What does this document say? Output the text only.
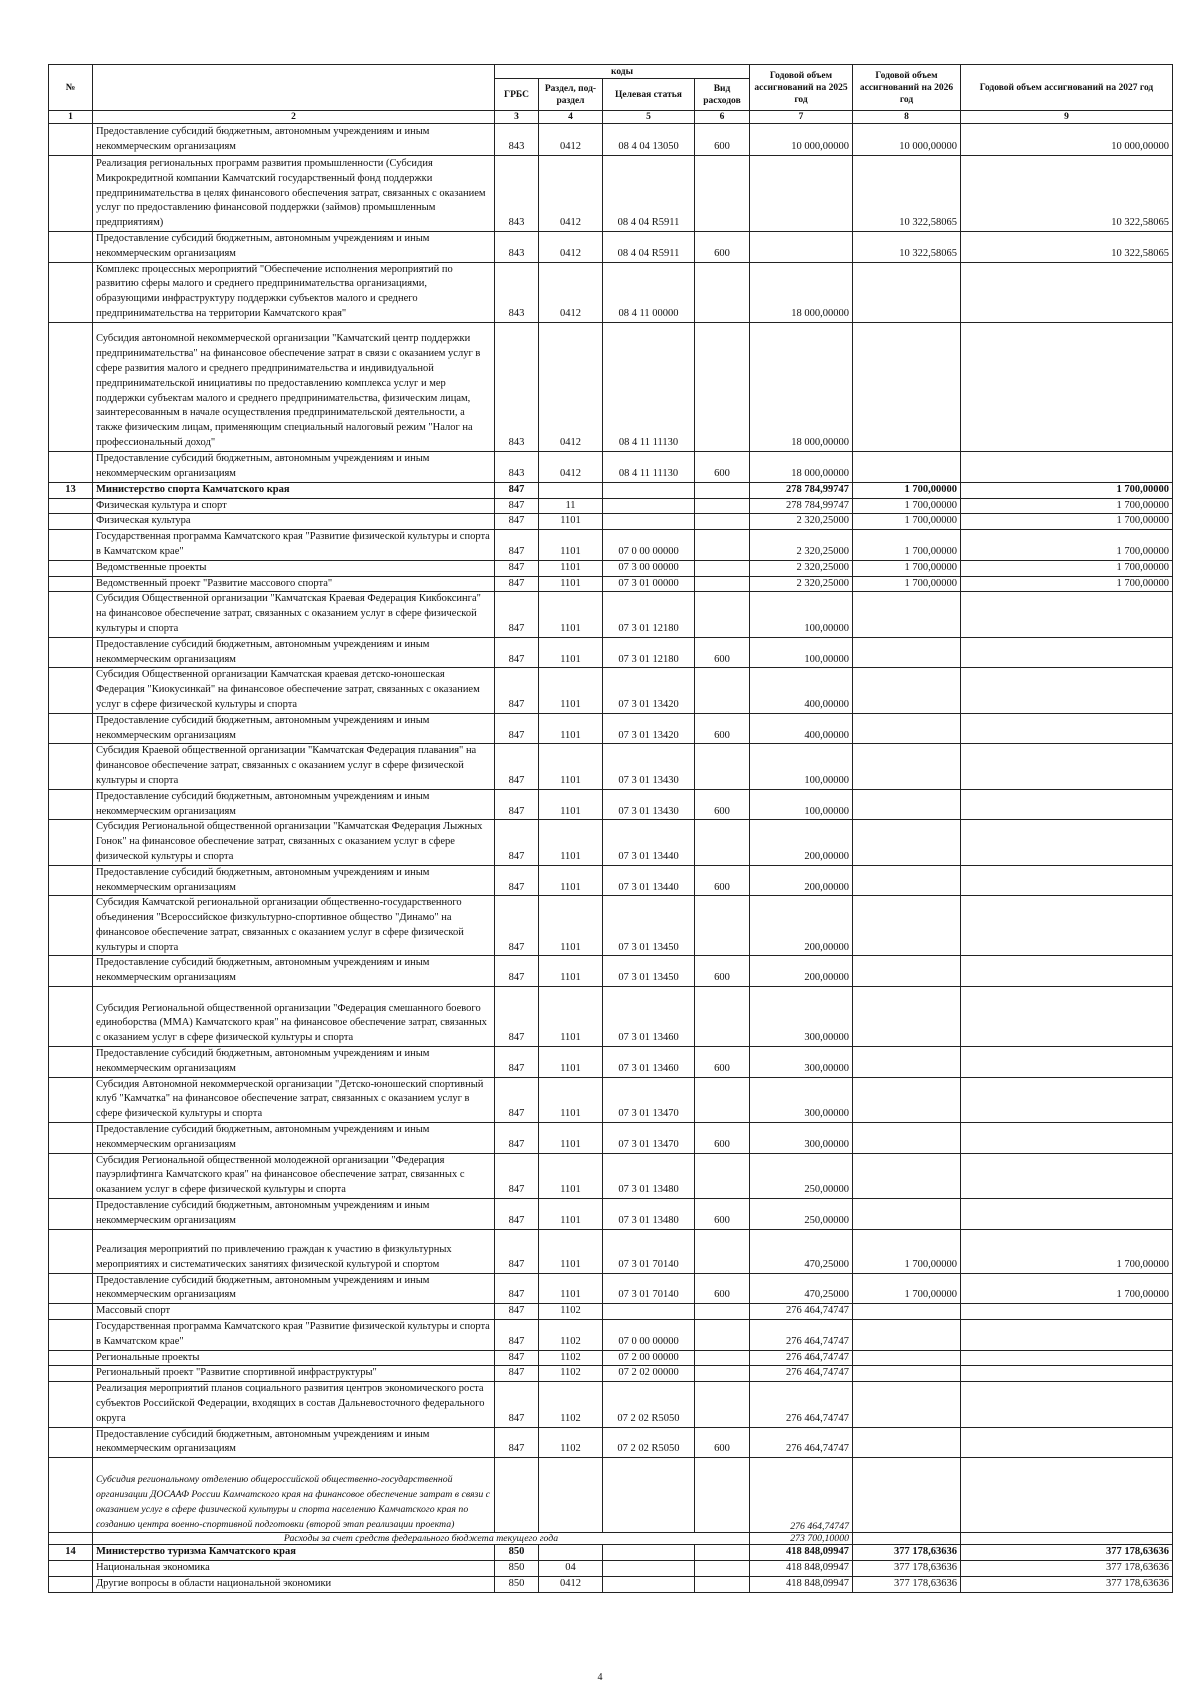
№		коды				Годовой объем ассигнований на 2025 год	Годовой объем ассигнований на 2026 год	Годовой объем ассигнований на 2027 год
		ГРБС	Раздел, под-раздел	Целевая статья	Вид расходов			
1	2	3	4	5	6	7	8	9
	Предоставление субсидий бюджетным, автономным учреждениям и иным некоммерческим организациям	843	0412	08 4 04 13050	600	10 000,00000	10 000,00000	10 000,00000
	Реализация региональных программ развития промышленности (Субсидия Микрокредитной компании Камчатский государственный фонд поддержки предпринимательства в целях финансового обеспечения затрат, связанных с оказанием услуг по предоставлению финансовой поддержки (займов) промышленным предприятиям)	843	0412	08 4 04 R5911			10 322,58065	10 322,58065
	Предоставление субсидий бюджетным, автономным учреждениям и иным некоммерческим организациям	843	0412	08 4 04 R5911	600		10 322,58065	10 322,58065
	Комплекс процессных мероприятий "Обеспечение исполнения мероприятий по развитию сферы малого и среднего предпринимательства организациями, образующими инфраструктуру поддержки субъектов малого и среднего предпринимательства на территории Камчатского края"	843	0412	08 4 11 00000		18 000,00000		
	Субсидия автономной некоммерческой организации "Камчатский центр поддержки предпринимательства" на финансовое обеспечение затрат в связи с оказанием услуг в сфере развития малого и среднего предпринимательства и индивидуальной предпринимательской инициативы по предоставлению комплекса услуг и мер поддержки субъектам малого и среднего предпринимательства, физическим лицам, заинтересованным в начале осуществления предпринимательской деятельности, а также физическим лицам, применяющим специальный налоговый режим "Налог на профессиональный доход"	843	0412	08 4 11 11130		18 000,00000		
	Предоставление субсидий бюджетным, автономным учреждениям и иным некоммерческим организациям	843	0412	08 4 11 11130	600	18 000,00000		
13	Министерство спорта Камчатского края	847				278 784,99747	1 700,00000	1 700,00000
	Физическая культура и спорт	847	11			278 784,99747	1 700,00000	1 700,00000
	Физическая культура	847	1101			2 320,25000	1 700,00000	1 700,00000
	Государственная программа Камчатского края "Развитие физической культуры и спорта в Камчатском крае"	847	1101	07 0 00 00000		2 320,25000	1 700,00000	1 700,00000
	Ведомственные проекты	847	1101	07 3 00 00000		2 320,25000	1 700,00000	1 700,00000
	Ведомственный проект "Развитие массового спорта"	847	1101	07 3 01 00000		2 320,25000	1 700,00000	1 700,00000
	Субсидия Общественной организации "Камчатская Краевая Федерация Кикбоксинга" на финансовое обеспечение затрат, связанных с оказанием услуг в сфере физической культуры и спорта	847	1101	07 3 01 12180		100,00000		
	Предоставление субсидий бюджетным, автономным учреждениям и иным некоммерческим организациям	847	1101	07 3 01 12180	600	100,00000		
	Субсидия Общественной организации Камчатская краевая детско-юношеская Федерация "Киокусинкай" на финансовое обеспечение затрат, связанных с оказанием услуг в сфере физической культуры и спорта	847	1101	07 3 01 13420		400,00000		
	Предоставление субсидий бюджетным, автономным учреждениям и иным некоммерческим организациям	847	1101	07 3 01 13420	600	400,00000		
	Субсидия Краевой общественной организации "Камчатская Федерация плавания" на финансовое обеспечение затрат, связанных с оказанием услуг в сфере физической культуры и спорта	847	1101	07 3 01 13430		100,00000		
	Предоставление субсидий бюджетным, автономным учреждениям и иным некоммерческим организациям	847	1101	07 3 01 13430	600	100,00000		
	Субсидия Региональной общественной организации "Камчатская Федерация Лыжных Гонок" на финансовое обеспечение затрат, связанных с оказанием услуг в сфере физической культуры и спорта	847	1101	07 3 01 13440		200,00000		
	Предоставление субсидий бюджетным, автономным учреждениям и иным некоммерческим организациям	847	1101	07 3 01 13440	600	200,00000		
	Субсидия Камчатской региональной организации общественно-государственного объединения "Всероссийское физкультурно-спортивное общество "Динамо" на финансовое обеспечение затрат, связанных с оказанием услуг в сфере физической культуры и спорта	847	1101	07 3 01 13450		200,00000		
	Предоставление субсидий бюджетным, автономным учреждениям и иным некоммерческим организациям	847	1101	07 3 01 13450	600	200,00000		
	Субсидия Региональной общественной организации "Федерация смешанного боевого единоборства (ММА) Камчатского края" на финансовое обеспечение затрат, связанных с оказанием услуг в сфере физической культуры и спорта	847	1101	07 3 01 13460		300,00000		
	Предоставление субсидий бюджетным, автономным учреждениям и иным некоммерческим организациям	847	1101	07 3 01 13460	600	300,00000		
	Субсидия Автономной некоммерческой организации "Детско-юношеский спортивный клуб "Камчатка" на финансовое обеспечение затрат, связанных с оказанием услуг в сфере физической культуры и спорта	847	1101	07 3 01 13470		300,00000		
	Предоставление субсидий бюджетным, автономным учреждениям и иным некоммерческим организациям	847	1101	07 3 01 13470	600	300,00000		
	Субсидия Региональной общественной молодежной организации "Федерация пауэрлифтинга Камчатского края" на финансовое обеспечение затрат, связанных с оказанием услуг в сфере физической культуры и спорта	847	1101	07 3 01 13480		250,00000		
	Предоставление субсидий бюджетным, автономным учреждениям и иным некоммерческим организациям	847	1101	07 3 01 13480	600	250,00000		
	Реализация мероприятий по привлечению граждан к участию в физкультурных мероприятиях и систематических занятиях физической культурой и спортом	847	1101	07 3 01 70140		470,25000	1 700,00000	1 700,00000
	Предоставление субсидий бюджетным, автономным учреждениям и иным некоммерческим организациям	847	1101	07 3 01 70140	600	470,25000	1 700,00000	1 700,00000
	Массовый спорт	847	1102			276 464,74747		
	Государственная программа Камчатского края "Развитие физической культуры и спорта в Камчатском крае"	847	1102	07 0 00 00000		276 464,74747		
	Региональные проекты	847	1102	07 2 00 00000		276 464,74747		
	Региональный проект "Развитие спортивной инфраструктуры"	847	1102	07 2 02 00000		276 464,74747		
	Реализация мероприятий планов социального развития центров экономического роста субъектов Российской Федерации, входящих в состав Дальневосточного федерального округа	847	1102	07 2 02 R5050		276 464,74747		
	Предоставление субсидий бюджетным, автономным учреждениям и иным некоммерческим организациям	847	1102	07 2 02 R5050	600	276 464,74747		
	Субсидия региональному отделению общероссийской общественно-государственной организации ДОСААФ России Камчатского края на финансовое обеспечение затрат в связи с оказанием услуг в сфере физической культуры и спорта населению Камчатского края по созданию центра военно-спортивной подготовки (второй этап реализации проекта)					276 464,74747		
	Расходы за счет средств федерального бюджета текущего года					273 700,10000		
14	Министерство туризма Камчатского края	850				418 848,09947	377 178,63636	377 178,63636
	Национальная экономика	850	04			418 848,09947	377 178,63636	377 178,63636
	Другие вопросы в области национальной экономики	850	0412			418 848,09947	377 178,63636	377 178,63636
4
